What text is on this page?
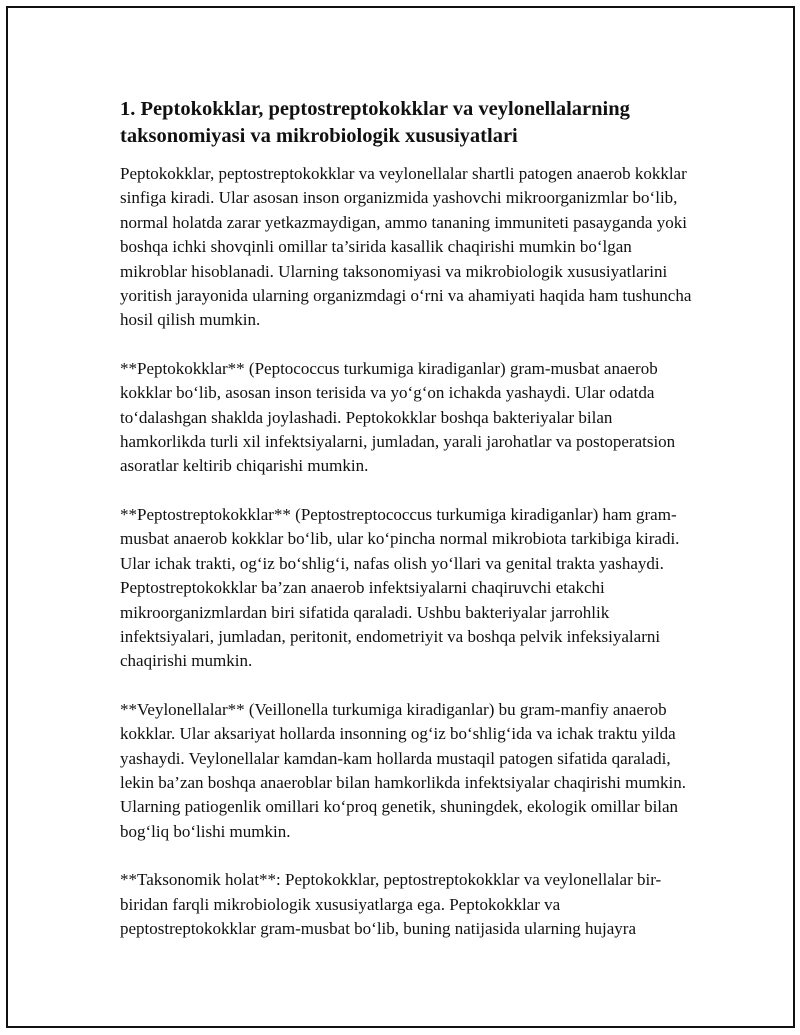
1. Peptokokklar, peptostreptokokklar va veylonellalarning taksonomiyasi va mikrobiologik xususiyatlari

Peptokokklar, peptostreptokokklar va veylonellalar shartli patogen anaerob kokklar sinfiga kiradi. Ular asosan inson organizmida yashovchi mikroorganizmlar bo‘lib, normal holatda zarar yetkazmaydigan, ammo tananing immuniteti pasayganda yoki boshqa ichki shovqinli omillar ta’sirida kasallik chaqirishi mumkin bo‘lgan mikroblar hisoblanadi. Ularning taksonomiyasi va mikrobiologik xususiyatlarini yoritish jarayonida ularning organizmdagi o‘rni va ahamiyati haqida ham tushuncha hosil qilish mumkin.

**Peptokokklar** (Peptococcus turkumiga kiradiganlar) gram-musbat anaerob kokklar bo‘lib, asosan inson terisida va yo‘g‘on ichakda yashaydi. Ular odatda to‘dalashgan shaklda joylashadi. Peptokokklar boshqa bakteriyalar bilan hamkorlikda turli xil infektsiyalarni, jumladan, yarali jarohatlar va postoperatsion asoratlar keltirib chiqarishi mumkin.

**Peptostreptokokklar** (Peptostreptococcus turkumiga kiradiganlar) ham gram-musbat anaerob kokklar bo‘lib, ular ko‘pincha normal mikrobiota tarkibiga kiradi. Ular ichak trakti, og‘iz bo‘shlig‘i, nafas olish yo‘llari va genital trakta yashaydi. Peptostreptokokklar ba’zan anaerob infektsiyalarni chaqiruvchi etakchi mikroorganizmlardan biri sifatida qaraladi. Ushbu bakteriyalar jarrohlik infektsiyalari, jumladan, peritonit, endometriyit va boshqa pelvik infeksiyalarni chaqirishi mumkin.

**Veylonellalar** (Veillonella turkumiga kiradiganlar) bu gram-manfiy anaerob kokklar. Ular aksariyat hollarda insonning og‘iz bo‘shlig‘ida va ichak traktu yilda yashaydi. Veylonellalar kamdan-kam hollarda mustaqil patogen sifatida qaraladi, lekin ba’zan boshqa anaeroblar bilan hamkorlikda infektsiyalar chaqirishi mumkin. Ularning patiogenlik omillari ko‘proq genetik, shuningdek, ekologik omillar bilan bog‘liq bo‘lishi mumkin.

**Taksonomik holat**: Peptokokklar, peptostreptokokklar va veylonellalar bir-biridan farqli mikrobiologik xususiyatlarga ega. Peptokokklar va peptostreptokokklar gram-musbat bo‘lib, buning natijasida ularning hujayra
